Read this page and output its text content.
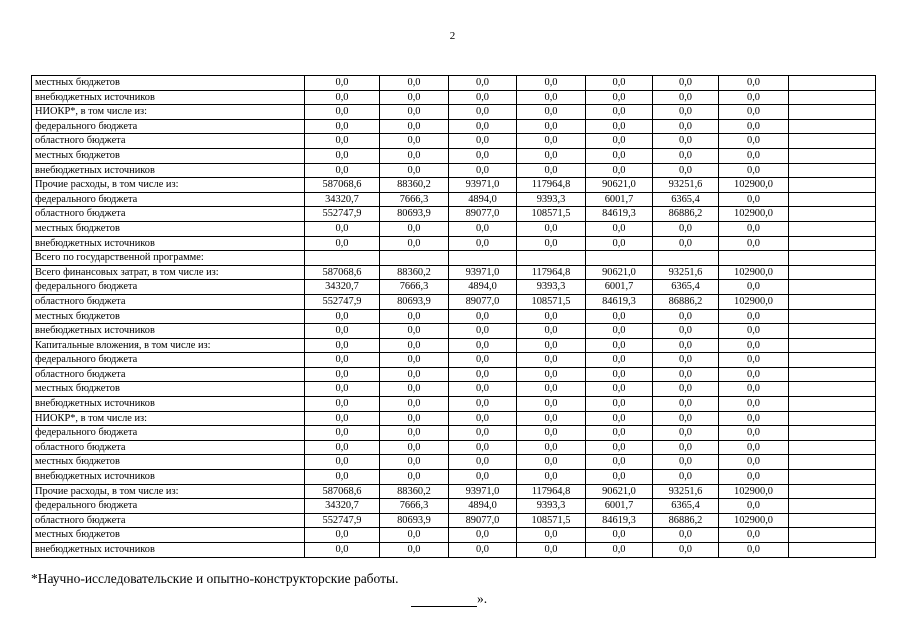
2
местных бюджетов	0,0	0,0	0,0	0,0	0,0	0,0	0,0	
внебюджетных источников	0,0	0,0	0,0	0,0	0,0	0,0	0,0	
НИОКР*, в том числе из:	0,0	0,0	0,0	0,0	0,0	0,0	0,0	
федерального бюджета	0,0	0,0	0,0	0,0	0,0	0,0	0,0	
областного бюджета	0,0	0,0	0,0	0,0	0,0	0,0	0,0	
местных бюджетов	0,0	0,0	0,0	0,0	0,0	0,0	0,0	
внебюджетных источников	0,0	0,0	0,0	0,0	0,0	0,0	0,0	
Прочие расходы, в том числе из:	587068,6	88360,2	93971,0	117964,8	90621,0	93251,6	102900,0	
федерального бюджета	34320,7	7666,3	4894,0	9393,3	6001,7	6365,4	0,0	
областного бюджета	552747,9	80693,9	89077,0	108571,5	84619,3	86886,2	102900,0	
местных бюджетов	0,0	0,0	0,0	0,0	0,0	0,0	0,0	
внебюджетных источников	0,0	0,0	0,0	0,0	0,0	0,0	0,0	
Всего по государственной программе:								
Всего финансовых затрат, в том числе из:	587068,6	88360,2	93971,0	117964,8	90621,0	93251,6	102900,0	
федерального бюджета	34320,7	7666,3	4894,0	9393,3	6001,7	6365,4	0,0	
областного бюджета	552747,9	80693,9	89077,0	108571,5	84619,3	86886,2	102900,0	
местных бюджетов	0,0	0,0	0,0	0,0	0,0	0,0	0,0	
внебюджетных источников	0,0	0,0	0,0	0,0	0,0	0,0	0,0	
Капитальные вложения, в том числе из:	0,0	0,0	0,0	0,0	0,0	0,0	0,0	
федерального бюджета	0,0	0,0	0,0	0,0	0,0	0,0	0,0	
областного бюджета	0,0	0,0	0,0	0,0	0,0	0,0	0,0	
местных бюджетов	0,0	0,0	0,0	0,0	0,0	0,0	0,0	
внебюджетных источников	0,0	0,0	0,0	0,0	0,0	0,0	0,0	
НИОКР*, в том числе из:	0,0	0,0	0,0	0,0	0,0	0,0	0,0	
федерального бюджета	0,0	0,0	0,0	0,0	0,0	0,0	0,0	
областного бюджета	0,0	0,0	0,0	0,0	0,0	0,0	0,0	
местных бюджетов	0,0	0,0	0,0	0,0	0,0	0,0	0,0	
внебюджетных источников	0,0	0,0	0,0	0,0	0,0	0,0	0,0	
Прочие расходы, в том числе из:	587068,6	88360,2	93971,0	117964,8	90621,0	93251,6	102900,0	
федерального бюджета	34320,7	7666,3	4894,0	9393,3	6001,7	6365,4	0,0	
областного бюджета	552747,9	80693,9	89077,0	108571,5	84619,3	86886,2	102900,0	
местных бюджетов	0,0	0,0	0,0	0,0	0,0	0,0	0,0	
внебюджетных источников	0,0	0,0	0,0	0,0	0,0	0,0	0,0	
*Научно-исследовательские и опытно-конструкторские работы.
».
